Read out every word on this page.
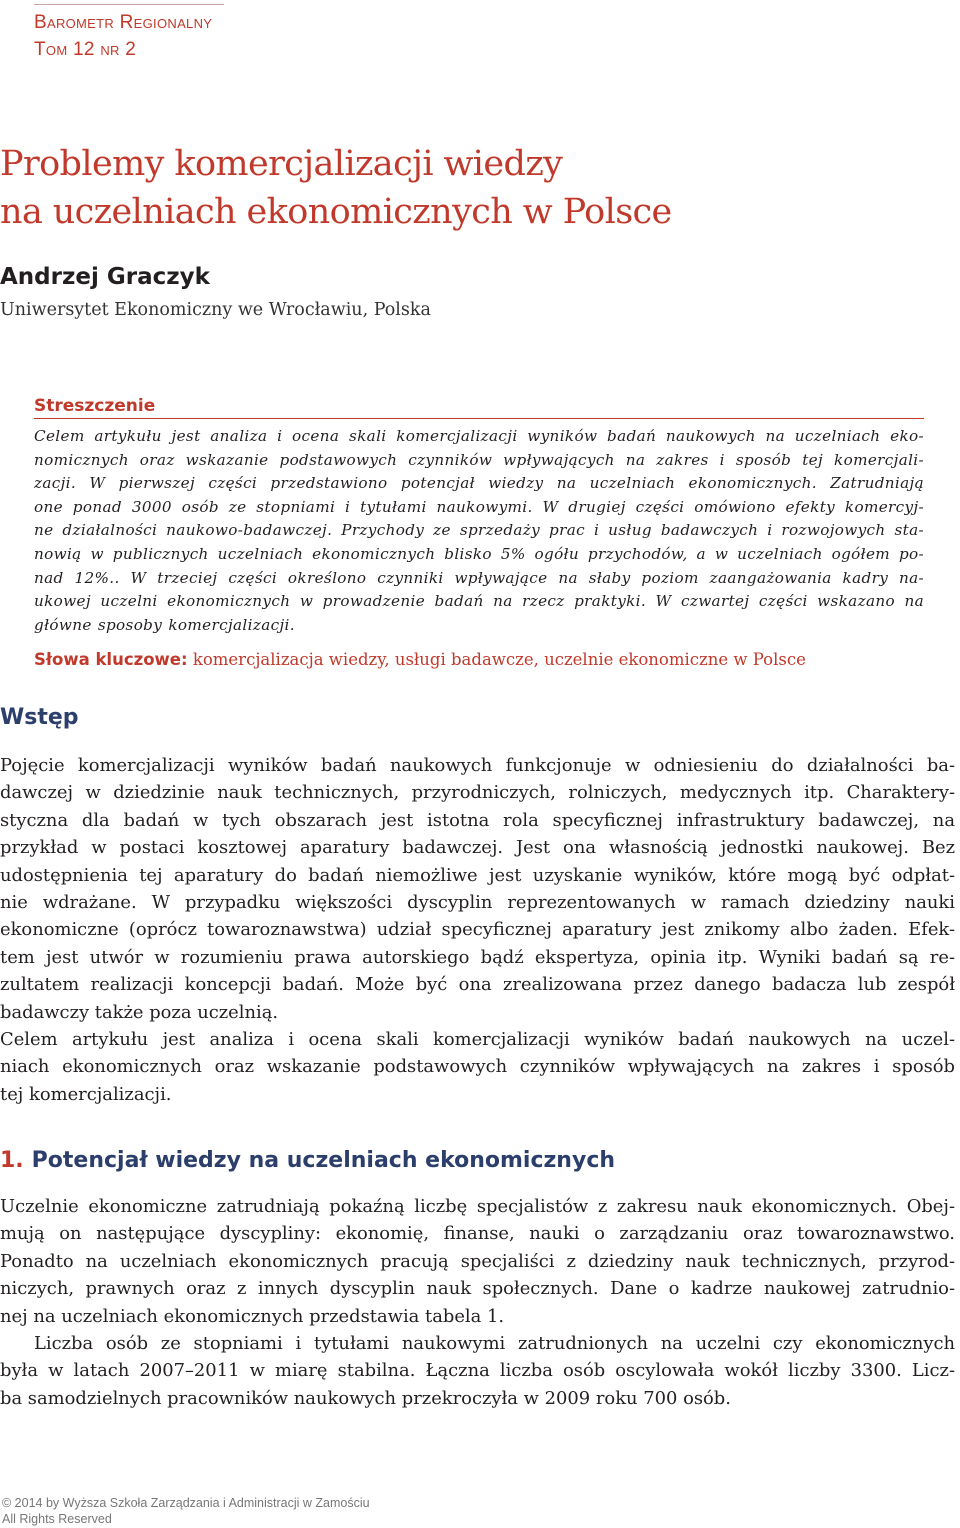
Barometr Regionalny
Tom 12 nr 2
Problemy komercjalizacji wiedzy
na uczelniach ekonomicznych w Polsce
Andrzej Graczyk
Uniwersytet Ekonomiczny we Wrocławiu, Polska
Streszczenie
Celem artykułu jest analiza i ocena skali komercjalizacji wyników badań naukowych na uczelniach eko-
nomicznych oraz wskazanie podstawowych czynników wpływających na zakres i sposób tej komercjali-
zacji. W pierwszej części przedstawiono potencjał wiedzy na uczelniach ekonomicznych. Zatrudniają
one ponad 3000 osób ze stopniami i tytułami naukowymi. W drugiej części omówiono efekty komercyj-
ne działalności naukowo-badawczej. Przychody ze sprzedaży prac i usług badawczych i rozwojowych sta-
nowią w publicznych uczelniach ekonomicznych blisko 5% ogółu przychodów, a w uczelniach ogółem po-
nad 12%.. W trzeciej części określono czynniki wpływające na słaby poziom zaangażowania kadry na-
ukowej uczelni ekonomicznych w prowadzenie badań na rzecz praktyki. W czwartej części wskazano na
główne sposoby komercjalizacji.
Słowa kluczowe: komercjalizacja wiedzy, usługi badawcze, uczelnie ekonomiczne w Polsce
Wstęp
Pojęcie komercjalizacji wyników badań naukowych funkcjonuje w odniesieniu do działalności ba-
dawczej w dziedzinie nauk technicznych, przyrodniczych, rolniczych, medycznych itp. Charaktery-
styczna dla badań w tych obszarach jest istotna rola specyficznej infrastruktury badawczej, na
przykład w postaci kosztowej aparatury badawczej. Jest ona własnością jednostki naukowej. Bez
udostępnienia tej aparatury do badań niemożliwe jest uzyskanie wyników, które mogą być odpłat-
nie wdrażane. W przypadku większości dyscyplin reprezentowanych w ramach dziedziny nauki
ekonomiczne (oprócz towaroznawstwa) udział specyficznej aparatury jest znikomy albo żaden. Efek-
tem jest utwór w rozumieniu prawa autorskiego bądź ekspertyza, opinia itp. Wyniki badań są re-
zultatem realizacji koncepcji badań. Może być ona zrealizowana przez danego badacza lub zespół
badawczy także poza uczelnią.
Celem artykułu jest analiza i ocena skali komercjalizacji wyników badań naukowych na uczel-
niach ekonomicznych oraz wskazanie podstawowych czynników wpływających na zakres i sposób
tej komercjalizacji.
1. Potencjał wiedzy na uczelniach ekonomicznych
Uczelnie ekonomiczne zatrudniają pokaźną liczbę specjalistów z zakresu nauk ekonomicznych. Obej-
mują on następujące dyscypliny: ekonomię, finanse, nauki o zarządzaniu oraz towaroznawstwo.
Ponadto na uczelniach ekonomicznych pracują specjaliści z dziedziny nauk technicznych, przyrod-
niczych, prawnych oraz z innych dyscyplin nauk społecznych. Dane o kadrze naukowej zatrudnio-
nej na uczelniach ekonomicznych przedstawia tabela 1.
Liczba osób ze stopniami i tytułami naukowymi zatrudnionych na uczelni czy ekonomicznych
była w latach 2007–2011 w miarę stabilna. Łączna liczba osób oscylowała wokół liczby 3300. Licz-
ba samodzielnych pracowników naukowych przekroczyła w 2009 roku 700 osób.
© 2014 by Wyższa Szkoła Zarządzania i Administracji w Zamościu
All Rights Reserved
